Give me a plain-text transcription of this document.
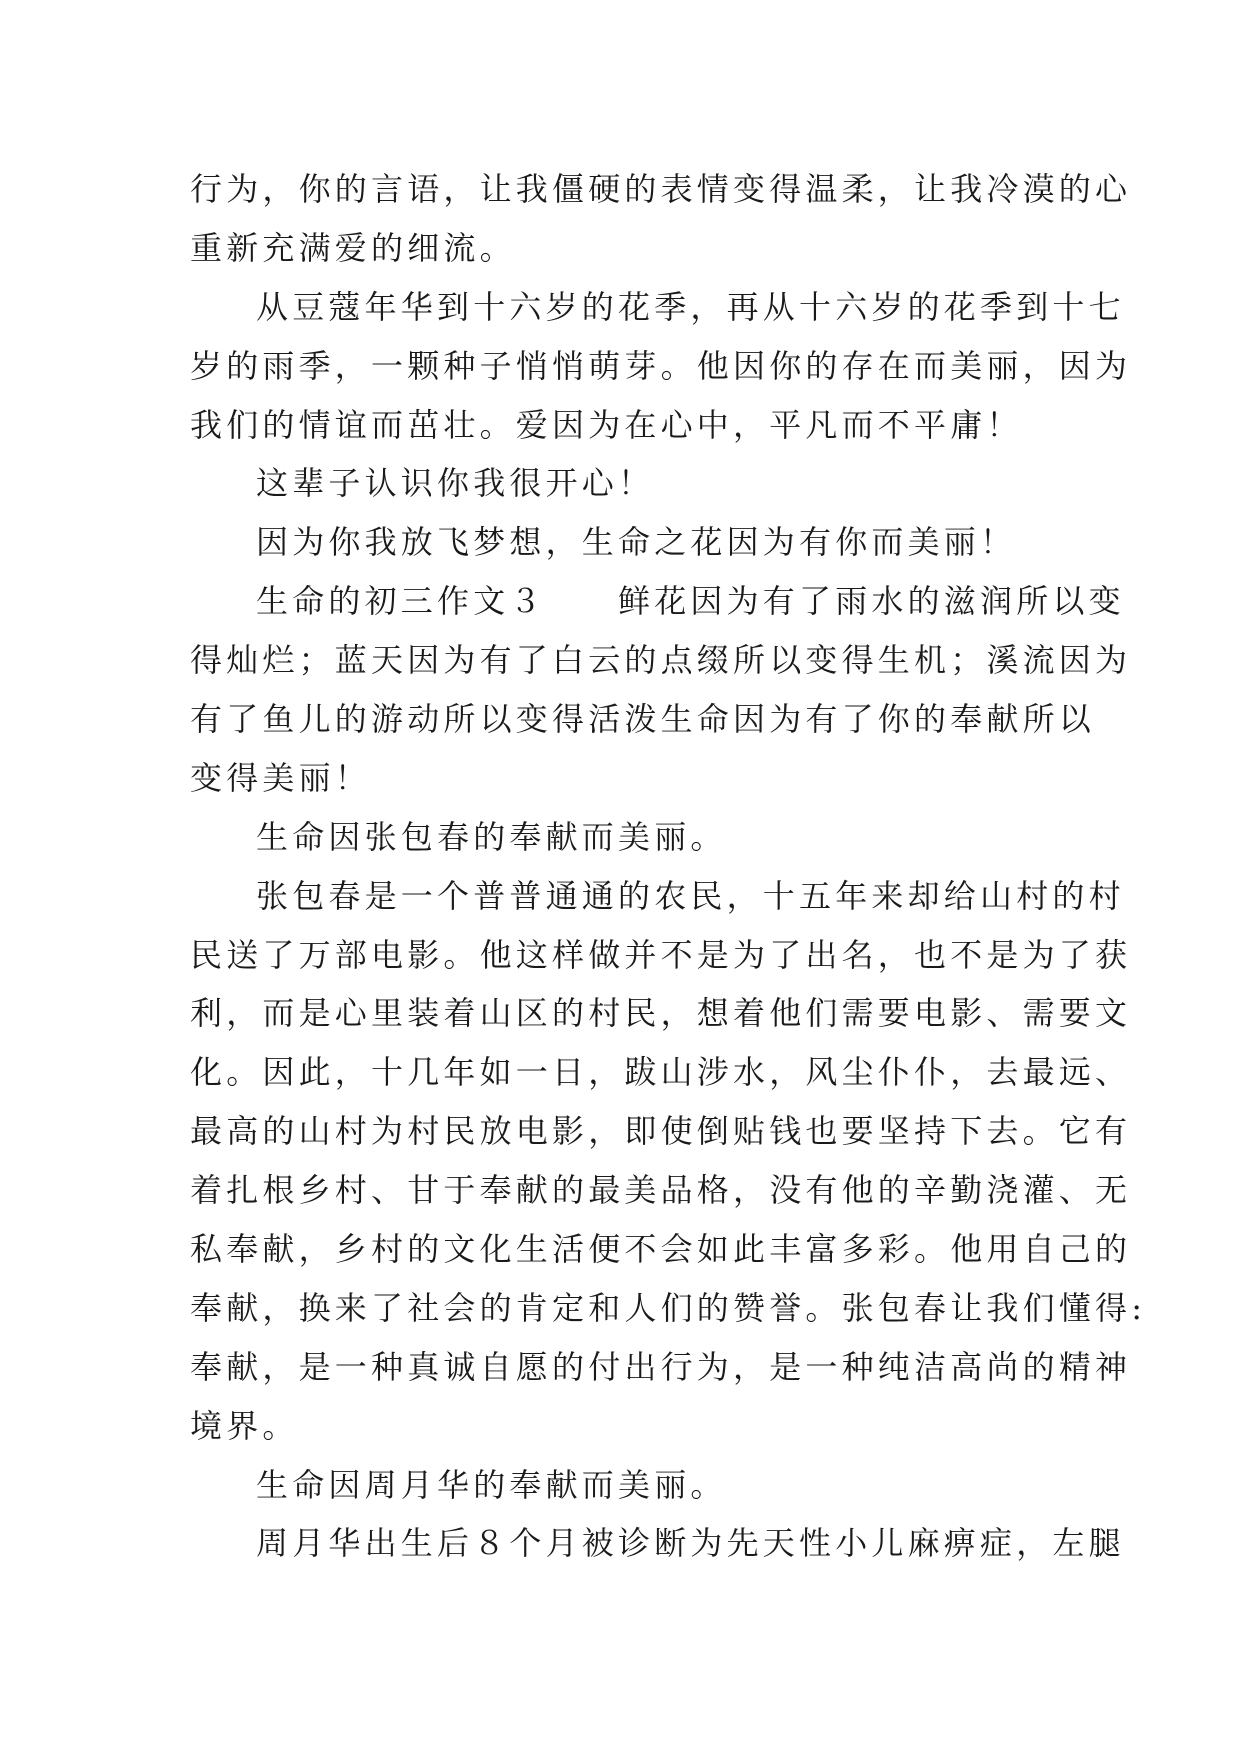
行为，你的言语，让我僵硬的表情变得温柔，让我冷漠的心
重新充满爱的细流。
从豆蔻年华到十六岁的花季，再从十六岁的花季到十七
岁的雨季，一颗种子悄悄萌芽。他因你的存在而美丽，因为
我们的情谊而茁壮。爱因为在心中，平凡而不平庸！
这辈子认识你我很开心！
因为你我放飞梦想，生命之花因为有你而美丽！
生命的初三作文３　　鲜花因为有了雨水的滋润所以变
得灿烂；蓝天因为有了白云的点缀所以变得生机；溪流因为
有了鱼儿的游动所以变得活泼生命因为有了你的奉献所以
变得美丽！
生命因张包春的奉献而美丽。
张包春是一个普普通通的农民，十五年来却给山村的村
民送了万部电影。他这样做并不是为了出名，也不是为了获
利，而是心里装着山区的村民，想着他们需要电影、需要文
化。因此，十几年如一日，跋山涉水，风尘仆仆，去最远、
最高的山村为村民放电影，即使倒贴钱也要坚持下去。它有
着扎根乡村、甘于奉献的最美品格，没有他的辛勤浇灌、无
私奉献，乡村的文化生活便不会如此丰富多彩。他用自己的
奉献，换来了社会的肯定和人们的赞誉。张包春让我们懂得:
奉献，是一种真诚自愿的付出行为，是一种纯洁高尚的精神
境界。
生命因周月华的奉献而美丽。
周月华出生后８个月被诊断为先天性小儿麻痹症，左腿
